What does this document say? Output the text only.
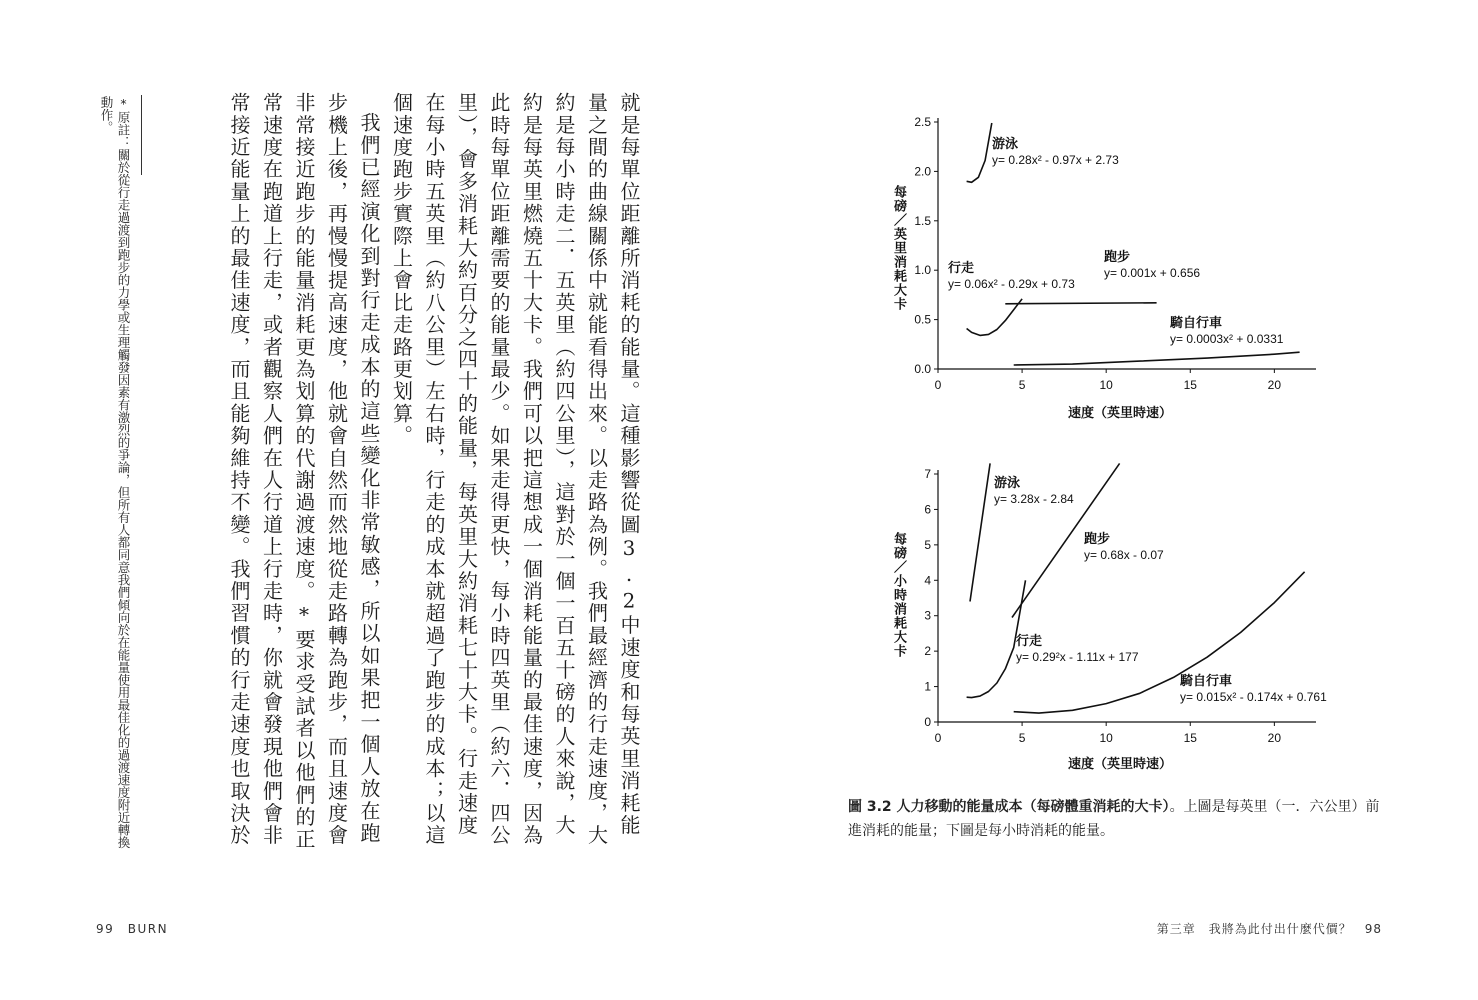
就是每單位距離所消耗的能量。這種影響從圖3.2中速度和每英里消耗能量之間的曲線關係中就能看得出來。以走路為例。我們最經濟的行走速度，大約是每小時走二．五英里（約四公里），這對於一個一百五十磅的人來說，大約是每英里燃燒五十大卡。我們可以把這想成一個消耗能量的最佳速度，因為此時每單位距離需要的能量最少。如果走得更快，每小時四英里（約六．四公里），會多消耗大約百分之四十的能量，每英里大約消耗七十大卡。行走速度在每小時五英里（約八公里）左右時，行走的成本就超過了跑步的成本；以這個速度跑步實際上會比走路更划算。

我們已經演化到對行走成本的這些變化非常敏感，所以如果把一個人放在跑步機上後，再慢慢提高速度，他就會自然而然地從走路轉為跑步，而且速度會非常接近跑步的能量消耗更為划算的代謝過渡速度。*要求受試者以他們的正常速度在跑道上行走，或者觀察人們在人行道上行走時，你就會發現他們會非常接近能量上的最佳速度，而且能夠維持不變。我們習慣的行走速度也取決於

*原註：關於從行走過渡到跑步的力學或生理觸發因素有激烈的爭論，但所有人都同意我們傾向於在能量使用最佳化的過渡速度附近轉換動作。
99　BURN
每磅／英里消耗大卡
0.0
0.5
1.0
1.5
2.0
2.5
0	5	10	15	20
游泳
y= 0.28x² - 0.97x + 2.73
行走
y= 0.06x² - 0.29x + 0.73
跑步
y= 0.001x + 0.656
騎自行車
y= 0.0003x² + 0.0331
速度（英里時速）
每磅／小時消耗大卡
0
1
2
3
4
5
6
7
0	5	10	15	20
游泳
y= 3.28x - 2.84
跑步
y= 0.68x - 0.07
行走
y= 0.29²x - 1.11x + 177
騎自行車
y= 0.015x² - 0.174x + 0.761
速度（英里時速）
圖 3.2 人力移動的能量成本（每磅體重消耗的大卡）。上圖是每英里（一．六公里）前進消耗的能量；下圖是每小時消耗的能量。
第三章　我將為此付出什麼代價？　98
